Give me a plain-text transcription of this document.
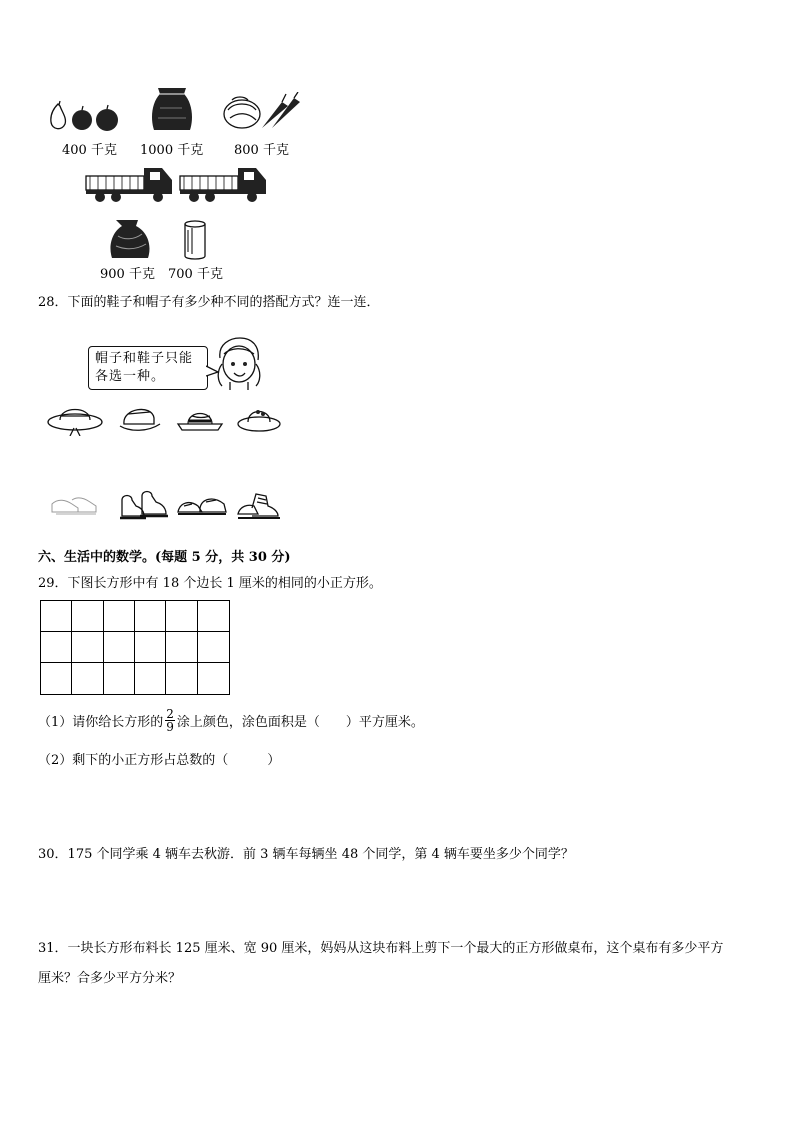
400 千克 1000 千克 800 千克
900 千克 700 千克
28．下面的鞋子和帽子有多少种不同的搭配方式？连一连．
帽子和鞋子只能
各选一种。
六、生活中的数学。(每题 5 分，共 30 分)
29．下图长方形中有 18 个边长 1 厘米的相同的小正方形。
（1）请你给长方形的 $\frac{2}{9}$ 涂上颜色，涂色面积是（　　）平方厘米。
（2）剩下的小正方形占总数的（　　　）
30．175 个同学乘 4 辆车去秋游．前 3 辆车每辆坐 48 个同学，第 4 辆车要坐多少个同学？
31．一块长方形布料长 125 厘米、宽 90 厘米，妈妈从这块布料上剪下一个最大的正方形做桌布，这个桌布有多少平方
厘米？合多少平方分米？
